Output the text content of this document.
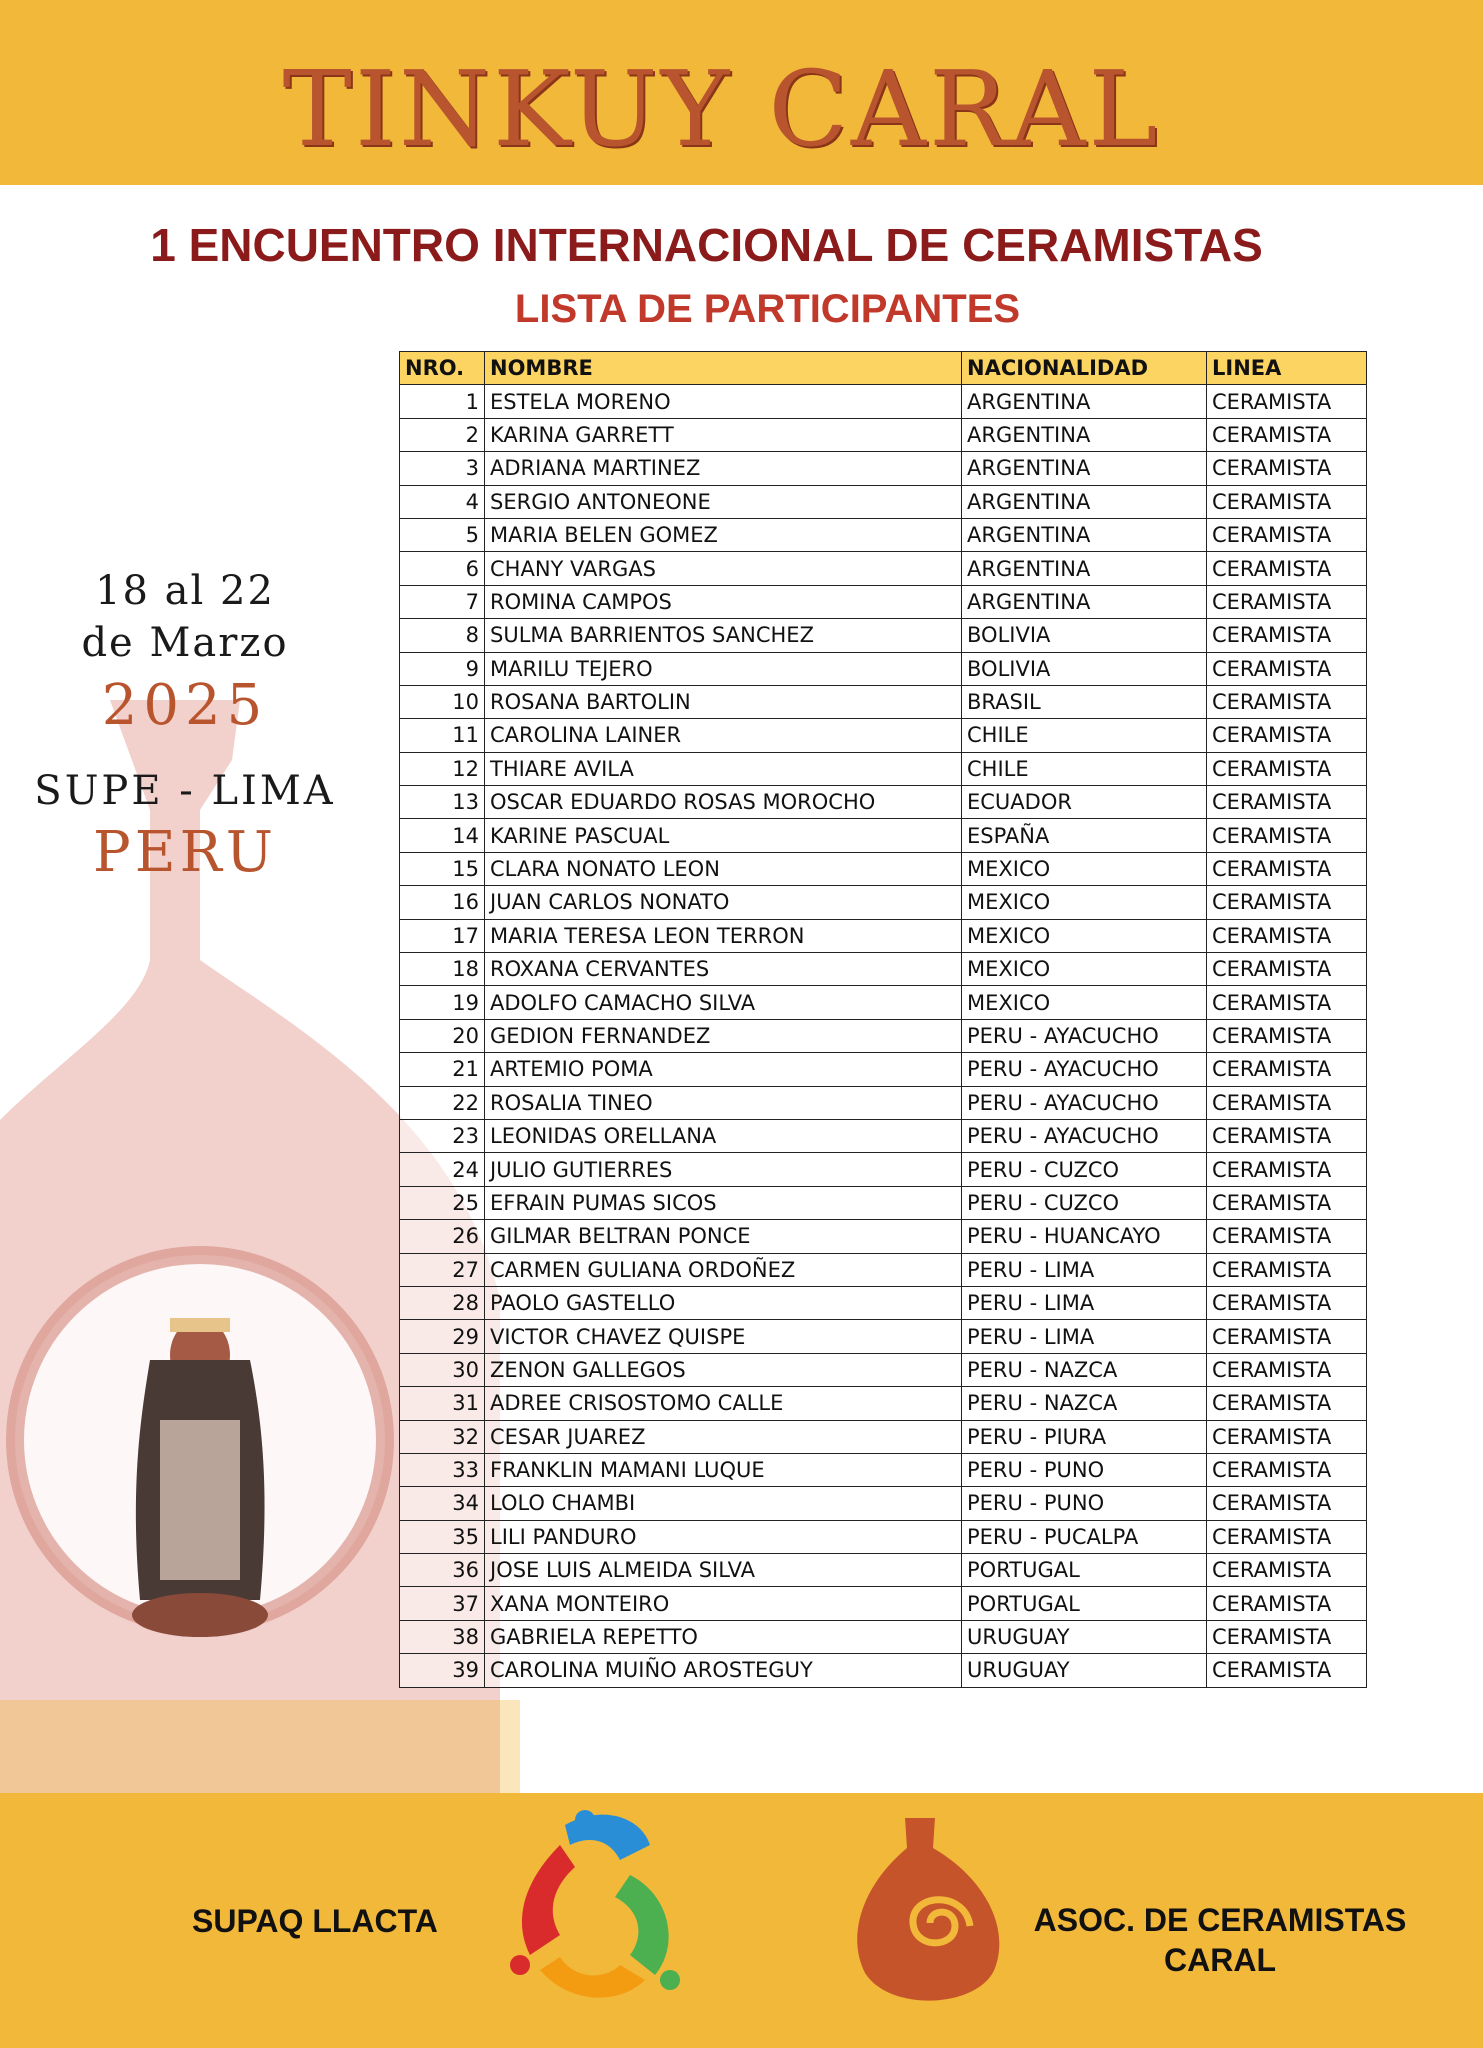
TINKUY CARAL
1 ENCUENTRO INTERNACIONAL DE CERAMISTAS
LISTA DE PARTICIPANTES
18 al 22
de Marzo
2025
SUPE - LIMA
PERU
NRO.	NOMBRE	NACIONALIDAD	LINEA
1	ESTELA MORENO	ARGENTINA	CERAMISTA
2	KARINA GARRETT	ARGENTINA	CERAMISTA
3	ADRIANA MARTINEZ	ARGENTINA	CERAMISTA
4	SERGIO ANTONEONE	ARGENTINA	CERAMISTA
5	MARIA BELEN GOMEZ	ARGENTINA	CERAMISTA
6	CHANY VARGAS	ARGENTINA	CERAMISTA
7	ROMINA CAMPOS	ARGENTINA	CERAMISTA
8	SULMA BARRIENTOS SANCHEZ	BOLIVIA	CERAMISTA
9	MARILU TEJERO	BOLIVIA	CERAMISTA
10	ROSANA BARTOLIN	BRASIL	CERAMISTA
11	CAROLINA LAINER	CHILE	CERAMISTA
12	THIARE AVILA	CHILE	CERAMISTA
13	OSCAR EDUARDO ROSAS MOROCHO	ECUADOR	CERAMISTA
14	KARINE PASCUAL	ESPAÑA	CERAMISTA
15	CLARA NONATO LEON	MEXICO	CERAMISTA
16	JUAN CARLOS NONATO	MEXICO	CERAMISTA
17	MARIA TERESA LEON TERRON	MEXICO	CERAMISTA
18	ROXANA CERVANTES	MEXICO	CERAMISTA
19	ADOLFO CAMACHO SILVA	MEXICO	CERAMISTA
20	GEDION FERNANDEZ	PERU - AYACUCHO	CERAMISTA
21	ARTEMIO POMA	PERU - AYACUCHO	CERAMISTA
22	ROSALIA TINEO	PERU - AYACUCHO	CERAMISTA
23	LEONIDAS ORELLANA	PERU - AYACUCHO	CERAMISTA
24	JULIO GUTIERRES	PERU - CUZCO	CERAMISTA
25	EFRAIN PUMAS SICOS	PERU - CUZCO	CERAMISTA
26	GILMAR BELTRAN PONCE	PERU - HUANCAYO	CERAMISTA
27	CARMEN GULIANA ORDOÑEZ	PERU - LIMA	CERAMISTA
28	PAOLO GASTELLO	PERU - LIMA	CERAMISTA
29	VICTOR CHAVEZ QUISPE	PERU - LIMA	CERAMISTA
30	ZENON GALLEGOS	PERU - NAZCA	CERAMISTA
31	ADREE CRISOSTOMO CALLE	PERU - NAZCA	CERAMISTA
32	CESAR JUAREZ	PERU - PIURA	CERAMISTA
33	FRANKLIN MAMANI LUQUE	PERU - PUNO	CERAMISTA
34	LOLO CHAMBI	PERU - PUNO	CERAMISTA
35	LILI PANDURO	PERU - PUCALPA	CERAMISTA
36	JOSE LUIS ALMEIDA SILVA	PORTUGAL	CERAMISTA
37	XANA MONTEIRO	PORTUGAL	CERAMISTA
38	GABRIELA REPETTO	URUGUAY	CERAMISTA
39	CAROLINA MUIÑO AROSTEGUY	URUGUAY	CERAMISTA
SUPAQ LLACTA	ASOC. DE CERAMISTAS
CARAL
